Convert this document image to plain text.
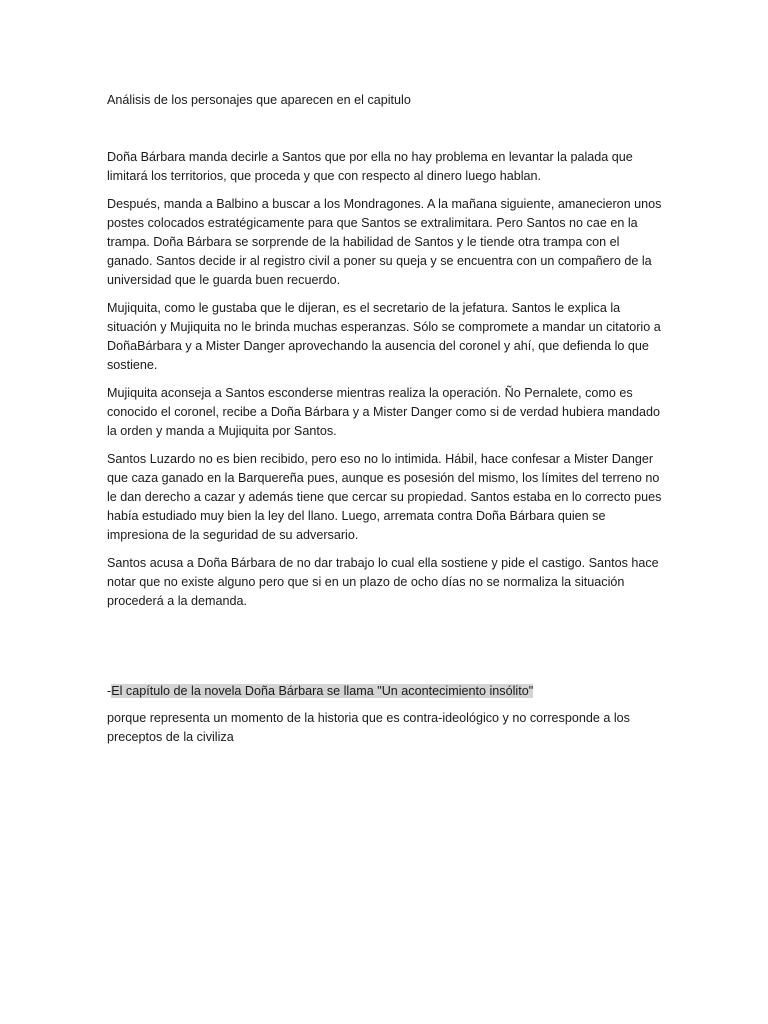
Análisis de los personajes que aparecen en el capitulo

Doña Bárbara manda decirle a Santos que por ella no hay problema en levantar la palada que limitará los territorios, que proceda y que con respecto al dinero luego hablan.

Después, manda a Balbino a buscar a los Mondragones. A la mañana siguiente, amanecieron unos postes colocados estratégicamente para que Santos se extralimitara. Pero Santos no cae en la trampa. Doña Bárbara se sorprende de la habilidad de Santos y le tiende otra trampa con el ganado. Santos decide ir al registro civil a poner su queja y se encuentra con un compañero de la universidad que le guarda buen recuerdo.

Mujiquita, como le gustaba que le dijeran, es el secretario de la jefatura. Santos le explica la situación y Mujiquita no le brinda muchas esperanzas. Sólo se compromete a mandar un citatorio a DoñaBárbara y a Mister Danger aprovechando la ausencia del coronel y ahí, que defienda lo que sostiene.

Mujiquita aconseja a Santos esconderse mientras realiza la operación. Ño Pernalete, como es conocido el coronel, recibe a Doña Bárbara y a Mister Danger como si de verdad hubiera mandado la orden y manda a Mujiquita por Santos.

Santos Luzardo no es bien recibido, pero eso no lo intimida. Hábil, hace confesar a Mister Danger que caza ganado en la Barquereña pues, aunque es posesión del mismo, los límites del terreno no le dan derecho a cazar y además tiene que cercar su propiedad. Santos estaba en lo correcto pues había estudiado muy bien la ley del llano. Luego, arremata contra Doña Bárbara quien se impresiona de la seguridad de su adversario.

Santos acusa a Doña Bárbara de no dar trabajo lo cual ella sostiene y pide el castigo. Santos hace notar que no existe alguno pero que si en un plazo de ocho días no se normaliza la situación procederá a la demanda.

-El capítulo de la novela Doña Bárbara se llama "Un acontecimiento insólito"

porque representa un momento de la historia que es contra-ideológico y no corresponde a los preceptos de la civiliza
